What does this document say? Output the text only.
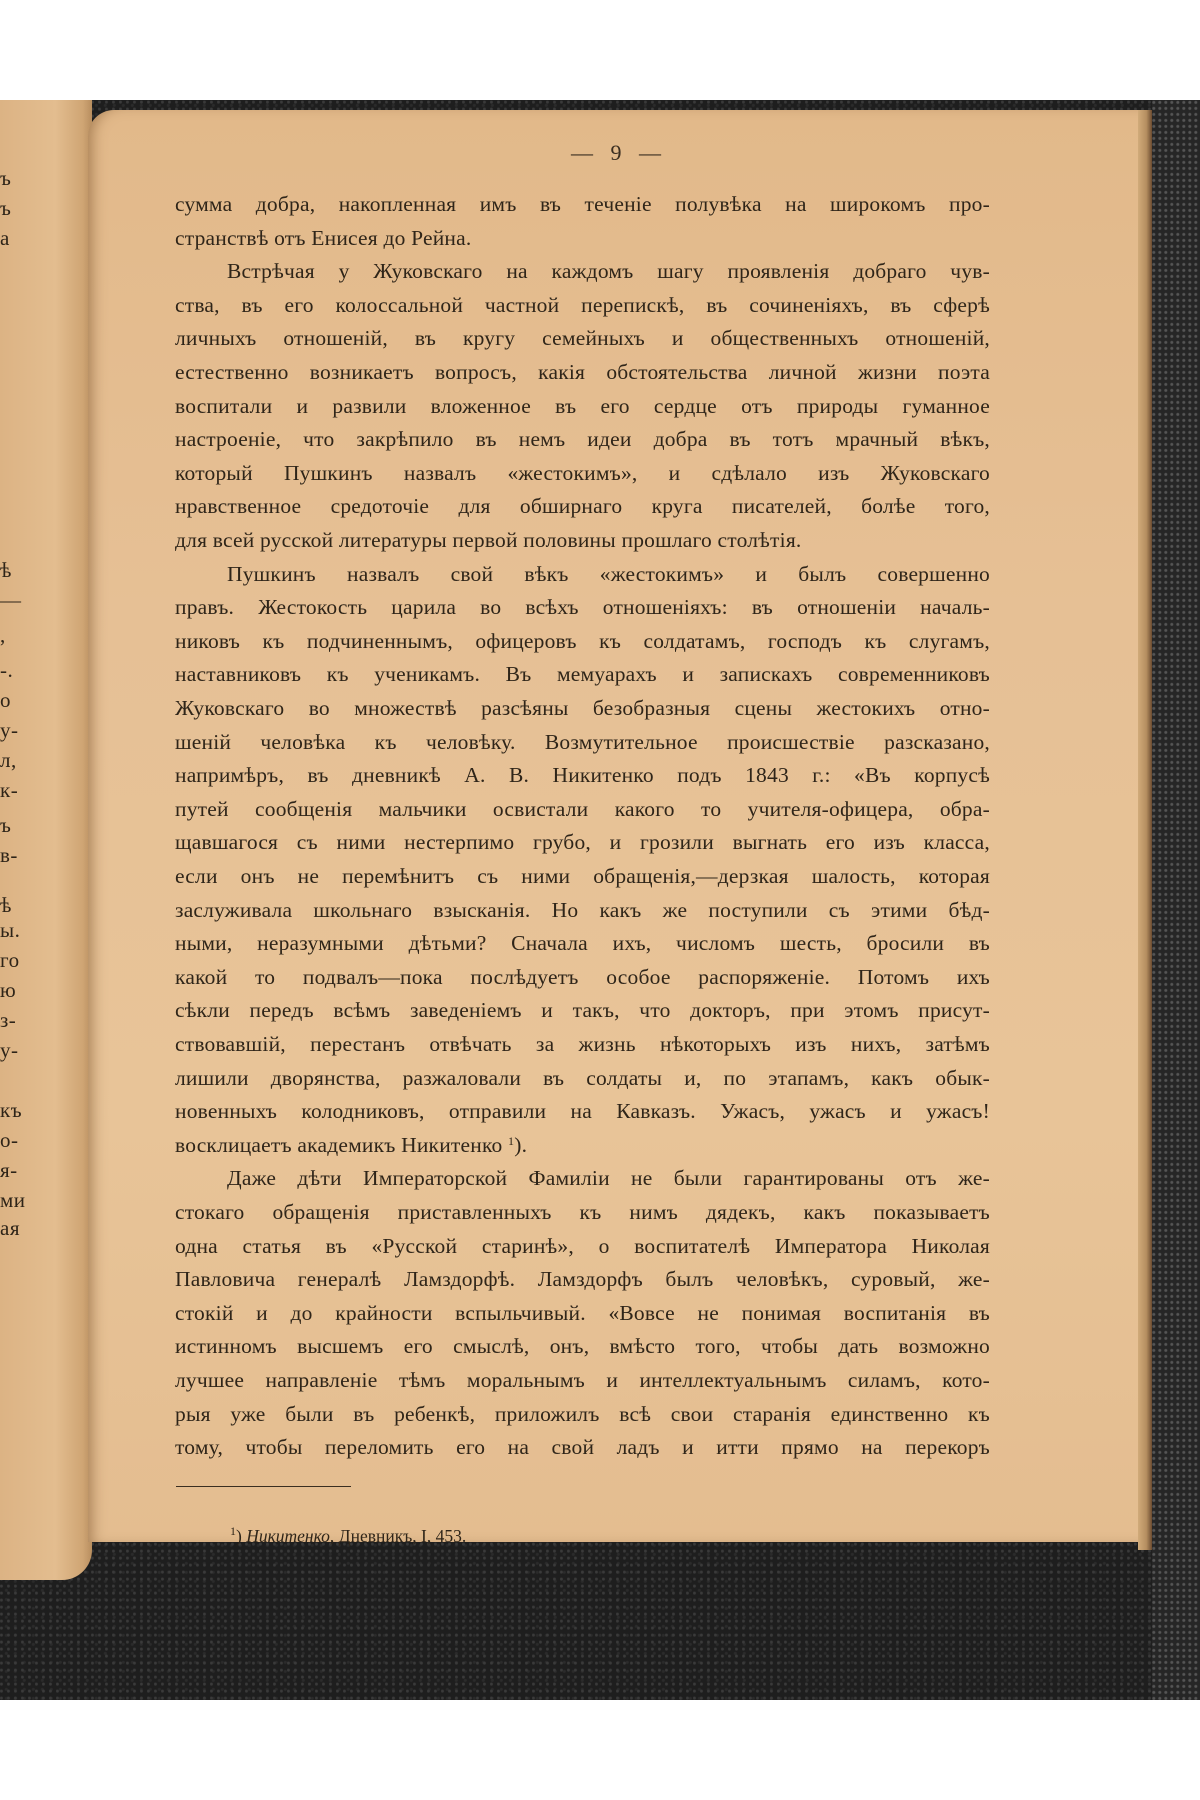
ъ
ъ
а
ѣ
—
,
-.
о
у-
л,
к-
ъ
в-
ѣ
ы.
го
ю
з-
у-
къ
о-
я-
ми
ая
— 9 —
сумма добра, накопленная имъ въ теченіе полувѣка на широкомъ про-
странствѣ отъ Енисея до Рейна.
Встрѣчая у Жуковскаго на каждомъ шагу проявленія добраго чув-
ства, въ его колоссальной частной перепискѣ, въ сочиненіяхъ, въ сферѣ
личныхъ отношеній, въ кругу семейныхъ и общественныхъ отношеній,
естественно возникаетъ вопросъ, какія обстоятельства личной жизни поэта
воспитали и развили вложенное въ его сердце отъ природы гуманное
настроеніе, что закрѣпило въ немъ идеи добра въ тотъ мрачный вѣкъ,
который Пушкинъ назвалъ «жестокимъ», и сдѣлало изъ Жуковскаго
нравственное средоточіе для обширнаго круга писателей, болѣе того,
для всей русской литературы первой половины прошлаго столѣтія.
Пушкинъ назвалъ свой вѣкъ «жестокимъ» и былъ совершенно
правъ. Жестокость царила во всѣхъ отношеніяхъ: въ отношеніи началь-
никовъ къ подчиненнымъ, офицеровъ къ солдатамъ, господъ къ слугамъ,
наставниковъ къ ученикамъ. Въ мемуарахъ и запискахъ современниковъ
Жуковскаго во множествѣ разсѣяны безобразныя сцены жестокихъ отно-
шеній человѣка къ человѣку. Возмутительное происшествіе разсказано,
напримѣръ, въ дневникѣ А. В. Никитенко подъ 1843 г.: «Въ корпусѣ
путей сообщенія мальчики освистали какого то учителя-офицера, обра-
щавшагося съ ними нестерпимо грубо, и грозили выгнать его изъ класса,
если онъ не перемѣнитъ съ ними обращенія,—дерзкая шалость, которая
заслуживала школьнаго взысканія. Но какъ же поступили съ этими бѣд-
ными, неразумными дѣтьми? Сначала ихъ, числомъ шесть, бросили въ
какой то подвалъ—пока послѣдуетъ особое распоряженіе. Потомъ ихъ
сѣкли передъ всѣмъ заведеніемъ и такъ, что докторъ, при этомъ присут-
ствовавшій, перестанъ отвѣчать за жизнь нѣкоторыхъ изъ нихъ, затѣмъ
лишили дворянства, разжаловали въ солдаты и, по этапамъ, какъ обык-
новенныхъ колодниковъ, отправили на Кавказъ. Ужасъ, ужасъ и ужасъ!
восклицаетъ академикъ Никитенко $^1$).
Даже дѣти Императорской Фамиліи не были гарантированы отъ же-
стокаго обращенія приставленныхъ къ нимъ дядекъ, какъ показываетъ
одна статья въ «Русской старинѣ», о воспитателѣ Императора Николая
Павловича генералѣ Ламздорфѣ. Ламздорфъ былъ человѣкъ, суровый, же-
стокій и до крайности вспыльчивый. «Вовсе не понимая воспитанія въ
истинномъ высшемъ его смыслѣ, онъ, вмѣсто того, чтобы дать возможно
лучшее направленіе тѣмъ моральнымъ и интеллектуальнымъ силамъ, кото-
рыя уже были въ ребенкѣ, приложилъ всѣ свои старанія единственно къ
тому, чтобы переломить его на свой ладъ и итти прямо на перекоръ
$^1$) Никитенко, Дневникъ, I, 453.
